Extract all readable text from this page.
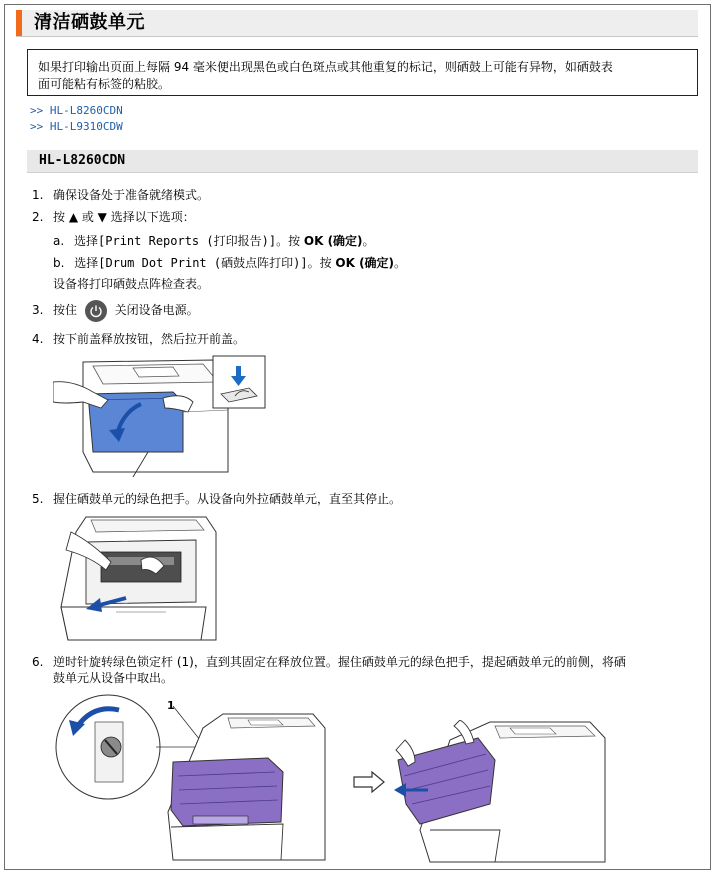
清洁硒鼓单元
如果打印输出页面上每隔 94 毫米便出现黑色或白色斑点或其他重复的标记，则硒鼓上可能有异物，如硒鼓表
面可能粘有标签的粘胶。
>> HL-L8260CDN
>> HL-L9310CDW
HL-L8260CDN
1. 确保设备处于准备就绪模式。
2. 按 ▲ 或 ▼ 选择以下选项：
a. 选择[Print Reports (打印报告)]。按 OK (确定)。
b. 选择[Drum Dot Print (硒鼓点阵打印)]。按 OK (确定)。
设备将打印硒鼓点阵检查表。
3. 按住	关闭设备电源。
4. 按下前盖释放按钮，然后拉开前盖。
5. 握住硒鼓单元的绿色把手。从设备向外拉硒鼓单元，直至其停止。
6. 逆时针旋转绿色锁定杆 (1)，直到其固定在释放位置。握住硒鼓单元的绿色把手，提起硒鼓单元的前侧，将硒
鼓单元从设备中取出。
1
